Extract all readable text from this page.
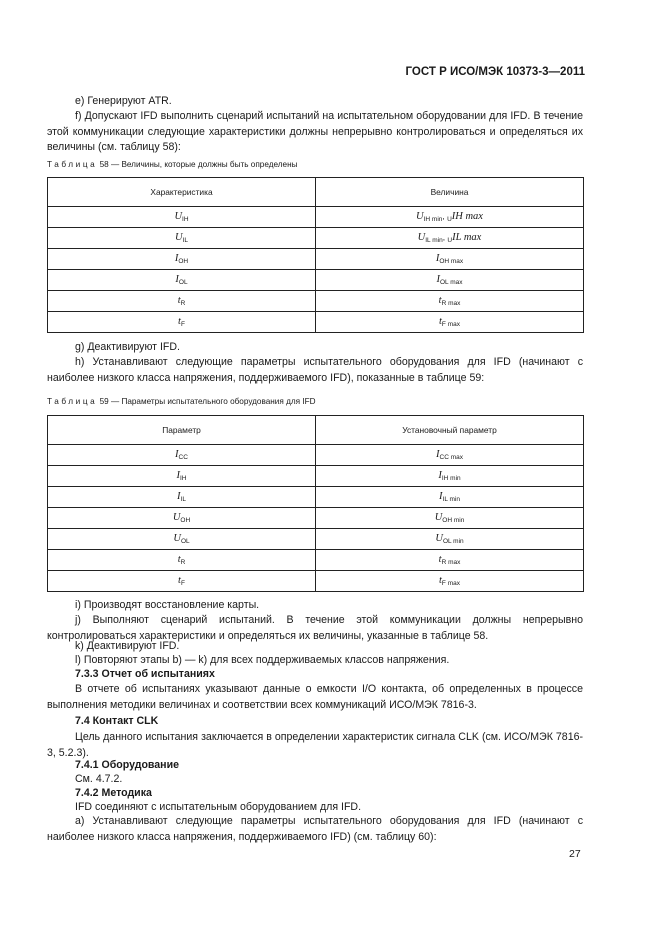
ГОСТ Р ИСО/МЭК 10373-3—2011
e) Генерируют ATR.
f) Допускают IFD выполнить сценарий испытаний на испытательном оборудовании для IFD. В течение этой коммуникации следующие характеристики должны непрерывно контролироваться и определяться их величины (см. таблицу 58):
Таблица 58 — Величины, которые должны быть определены
Характеристика	Величина
$U_{IH}$	$U_{IH min}$, $_U$IH max
$U_{IL}$	$U_{IL min}$, $_U$IL max
$I_{OH}$	$I_{OH max}$
$I_{OL}$	$I_{OL max}$
$t_R$	$t_{R max}$
$t_F$	$t_{F max}$
g) Деактивируют IFD.
h) Устанавливают следующие параметры испытательного оборудования для IFD (начинают с наиболее низкого класса напряжения, поддерживаемого IFD), показанные в таблице 59:
Таблица 59 — Параметры испытательного оборудования для IFD
Параметр	Установочный параметр
$I_{CC}$	$I_{CC max}$
$I_{IH}$	$I_{IH min}$
$I_{IL}$	$I_{IL min}$
$U_{OH}$	$U_{OH min}$
$U_{OL}$	$U_{OL min}$
$t_R$	$t_{R max}$
$t_F$	$t_{F max}$
i) Производят восстановление карты.
j) Выполняют сценарий испытаний. В течение этой коммуникации должны непрерывно контролироваться характеристики и определяться их величины, указанные в таблице 58.
k) Деактивируют IFD.
l) Повторяют этапы b) — k) для всех поддерживаемых классов напряжения.
7.3.3 Отчет об испытаниях
В отчете об испытаниях указывают данные о емкости I/O контакта, об определенных в процессе выполнения методики величинах и соответствии всех коммуникаций ИСО/МЭК 7816-3.
7.4 Контакт CLK
Цель данного испытания заключается в определении характеристик сигнала CLK (см. ИСО/МЭК 7816-3, 5.2.3).
7.4.1 Оборудование
См. 4.7.2.
7.4.2 Методика
IFD соединяют с испытательным оборудованием для IFD.
a) Устанавливают следующие параметры испытательного оборудования для IFD (начинают с наиболее низкого класса напряжения, поддерживаемого IFD) (см. таблицу 60):
27
